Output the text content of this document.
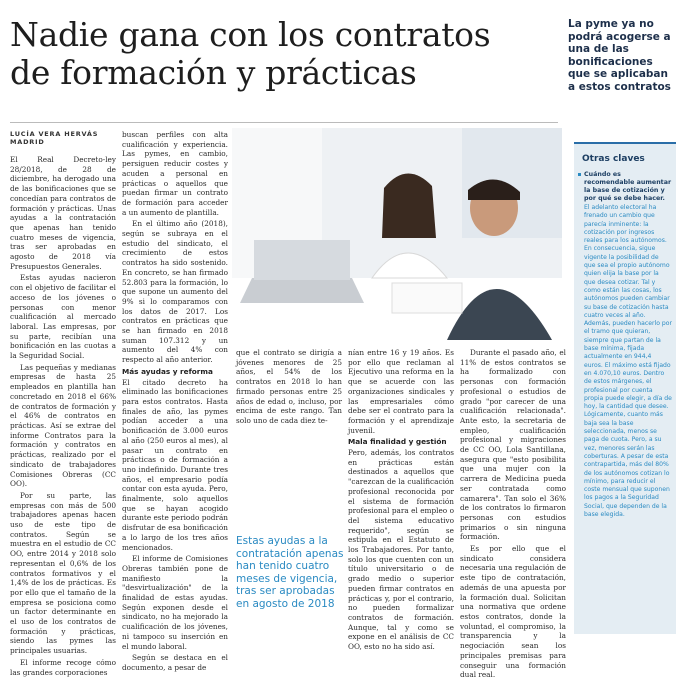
Nadie gana con los contratos
de formación y prácticas
La pyme ya no podrá acogerse a una de las bonificaciones que se aplicaban a estos contratos
LUCÍA VERA HERVÁS
MADRID

El Real Decreto-ley 28/2018, de 28 de diciembre, ha derogado una de las bonificaciones que se concedían para contratos de formación y prácticas. Unas ayudas a la contratación que apenas han tenido cuatro meses de vigencia, tras ser aprobadas en agosto de 2018 vía Presupuestos Generales.

Estas ayudas nacieron con el objetivo de facilitar el acceso de los jóvenes o personas con menor cualificación al mercado laboral. Las empresas, por su parte, recibían una bonificación en las cuotas a la Seguridad Social.

Las pequeñas y medianas empresas de hasta 25 empleados en plantilla han concretado en 2018 el 66% de contratos de formación y el 46% de contratos en prácticas. Así se extrae del informe Contratos para la formación y contratos en prácticas, realizado por el sindicato de trabajadores Comisiones Obreras (CC OO).

Por su parte, las empresas con más de 500 trabajadores apenas hacen uso de este tipo de contratos. Según se muestra en el estudio de CC OO, entre 2014 y 2018 solo representan el 0,6% de los contratos formativos y el 1,4% de los de prácticas. Es por ello que el tamaño de la empresa se posiciona como un factor determinante en el uso de los contratos de formación y prácticas, siendo las pymes las principales usuarias.

El informe recoge cómo las grandes corporaciones

buscan perfiles con alta cualificación y experiencia. Las pymes, en cambio, persiguen reducir costes y acuden a personal en prácticas o aquellos que puedan firmar un contrato de formación para acceder a un aumento de plantilla.

En el último año (2018), según se subraya en el estudio del sindicato, el crecimiento de estos contratos ha sido sostenido. En concreto, se han firmado 52.803 para la formación, lo que supone un aumento del 9% si lo comparamos con los datos de 2017. Los contratos en prácticas que se han firmado en 2018 suman 107.312 y un aumento del 4% con respecto al año anterior.

Más ayudas y reforma

El citado decreto ha eliminado las bonificaciones para estos contratos. Hasta finales de año, las pymes podían acceder a una bonificación de 3.000 euros al año (250 euros al mes), al pasar un contrato en prácticas o de formación a uno indefinido. Durante tres años, el empresario podía contar con esta ayuda. Pero, finalmente, solo aquellos que se hayan acogido durante este periodo podrán disfrutar de esa bonificación a lo largo de los tres años mencionados.

El informe de Comisiones Obreras también pone de manifiesto la "desvirtualización" de la finalidad de estas ayudas. Según exponen desde el sindicato, no ha mejorado la cualificación de los jóvenes, ni tampoco su inserción en el mundo laboral.

Según se destaca en el documento, a pesar de

que el contrato se dirigía a jóvenes menores de 25 años, el 54% de los contratos en 2018 lo han firmado personas entre 25 años de edad o, incluso, por encima de este rango. Tan solo uno de cada diez te-

Estas ayudas a la contratación apenas han tenido cuatro meses de vigencia, tras ser aprobadas en agosto de 2018

nían entre 16 y 19 años. Es por ello que reclaman al Ejecutivo una reforma en la que se acuerde con las organizaciones sindicales y las empresariales cómo debe ser el contrato para la formación y el aprendizaje juvenil.

Mala finalidad y gestión

Pero, además, los contratos en prácticas están destinados a aquellos que "carezcan de la cualificación profesional reconocida por el sistema de formación profesional para el empleo o del sistema educativo requerido", según se estipula en el Estatuto de los Trabajadores. Por tanto, solo los que cuenten con un título universitario o de grado medio o superior pueden firmar contratos en prácticas y, por el contrario, no pueden formalizar contratos de formación. Aunque, tal y como se expone en el análisis de CC OO, esto no ha sido así.

Durante el pasado año, el 11% de estos contratos se ha formalizado con personas con formación profesional o estudios de grado "por carecer de una cualificación relacionada". Ante esto, la secretaria de empleo, cualificación profesional y migraciones de CC OO, Lola Santillana, asegura que "esto posibilita que una mujer con la carrera de Medicina pueda ser contratada como camarera". Tan solo el 36% de los contratos lo firmaron personas con estudios primarios o sin ninguna formación.

Es por ello que el sindicato considera necesaria una regulación de este tipo de contratación, además de una apuesta por la formación dual. Solicitan una normativa que ordene estos contratos, donde la voluntad, el compromiso, la transparencia y la negociación sean los principales premisas para conseguir una formación dual real.

Otras claves
Cuándo es recomendable aumentar la base de cotización y por qué se debe hacer.
El adelanto electoral ha frenado un cambio que parecía inminente: la cotización por ingresos reales para los autónomos. En consecuencia, sigue vigente la posibilidad de que sea el propio autónomo quien elija la base por la que desea cotizar. Tal y como están las cosas, los autónomos pueden cambiar su base de cotización hasta cuatro veces al año. Además, pueden hacerlo por el tramo que quieran, siempre que partan de la base mínima, fijada actualmente en 944,4 euros. El máximo está fijado en 4.070,10 euros. Dentro de estos márgenes, el profesional por cuenta propia puede elegir, a día de hoy, la cantidad que desee. Lógicamente, cuanto más baja sea la base seleccionada, menos se paga de cuota. Pero, a su vez, menores serán las coberturas. A pesar de esta contrapartida, más del 80% de los autónomos cotizan lo mínimo, para reducir el coste mensual que suponen los pagos a la Seguridad Social, que dependen de la base elegida.
